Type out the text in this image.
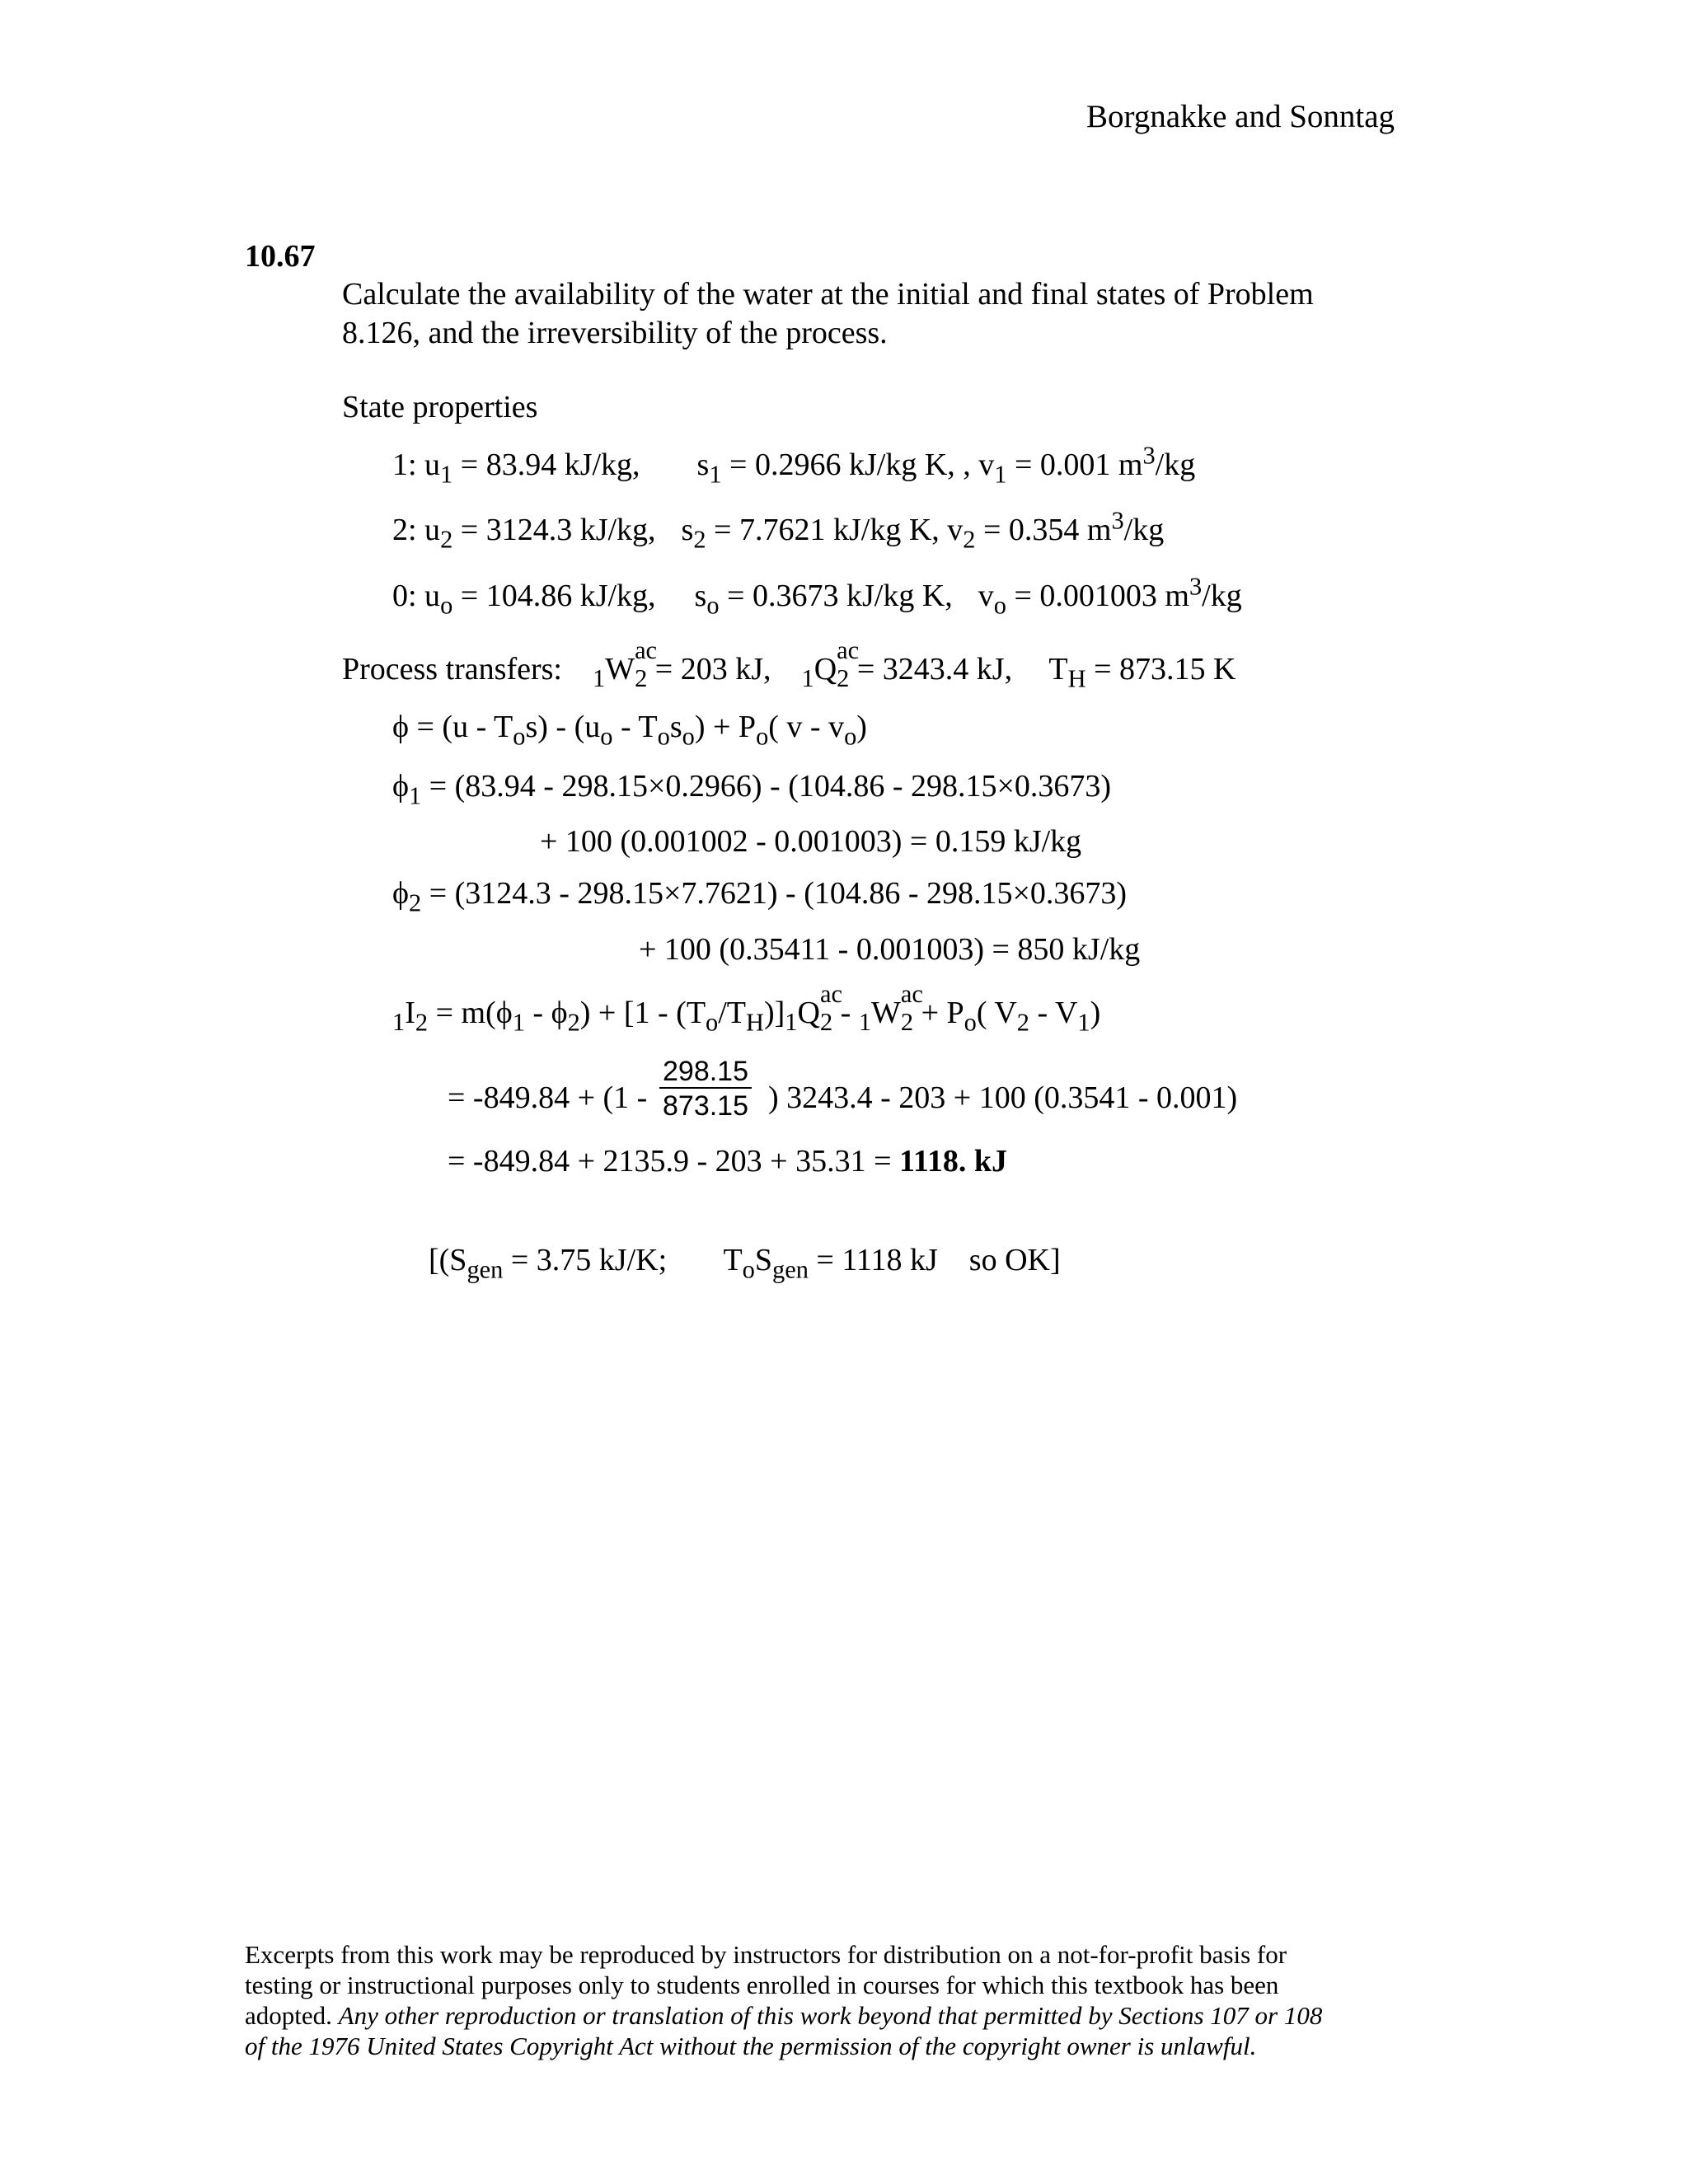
Borgnakke and Sonntag
10.67
Calculate the availability of the water at the initial and final states of Problem
8.126, and the irreversibility of the process.
State properties
1: $u_1 = 83.94$ kJ/kg, $s_1 = 0.2966$ kJ/kg K, , $v_1 = 0.001$ $m^3/kg$
2: $u_2 = 3124.3$ kJ/kg, $s_2 = 7.7621$ kJ/kg K, $v_2 = 0.354$ $m^3/kg$
0: $u_o = 104.86$ kJ/kg, $s_o = 0.3673$ kJ/kg K, $v_o = 0.001003$ $m^3/kg$
Process transfers: $_1$W2
ac
= 203 kJ, $_1$Q2
ac
= 3243.4 kJ, $T_H = 873.15$ K
$\phi = (u - T_os) - (u_o - T_os_o) + P_o$( v - $v_o$)
$\phi_1 = (83.94 - 298.15\times 0.2966) - (104.86 - 298.15\times 0.3673)$
+ 100 (0.001002 - 0.001003) = 0.159 kJ/kg
$\phi_2 = (3124.3 - 298.15\times 7.7621) - (104.86 - 298.15\times 0.3673)$
+ 100 (0.35411 - 0.001003) = 850 kJ/kg
$_1I_2 = m(\phi_1 - \phi_2) + [1 - (T_o/T_H)]_1Q2$
ac
- $_1$W2
ac
+ $P_o$( $V_2 - V_1$)
= $-849.84 + (1 - \frac{298.15}{873.15}$ ) 3243.4 - 203 + 100 (0.3541 - 0.001)
= -849.84 + 2135.9 - 203 + 35.31 = 1118. kJ
[($S_{gen} = 3.75$ kJ/K; $T_oS_{gen} = 1118$ kJ    so OK]
Excerpts from this work may be reproduced by instructors for distribution on a not-for-profit basis for
testing or instructional purposes only to students enrolled in courses for which this textbook has been
adopted. Any other reproduction or translation of this work beyond that permitted by Sections 107 or 108
of the 1976 United States Copyright Act without the permission of the copyright owner is unlawful.
